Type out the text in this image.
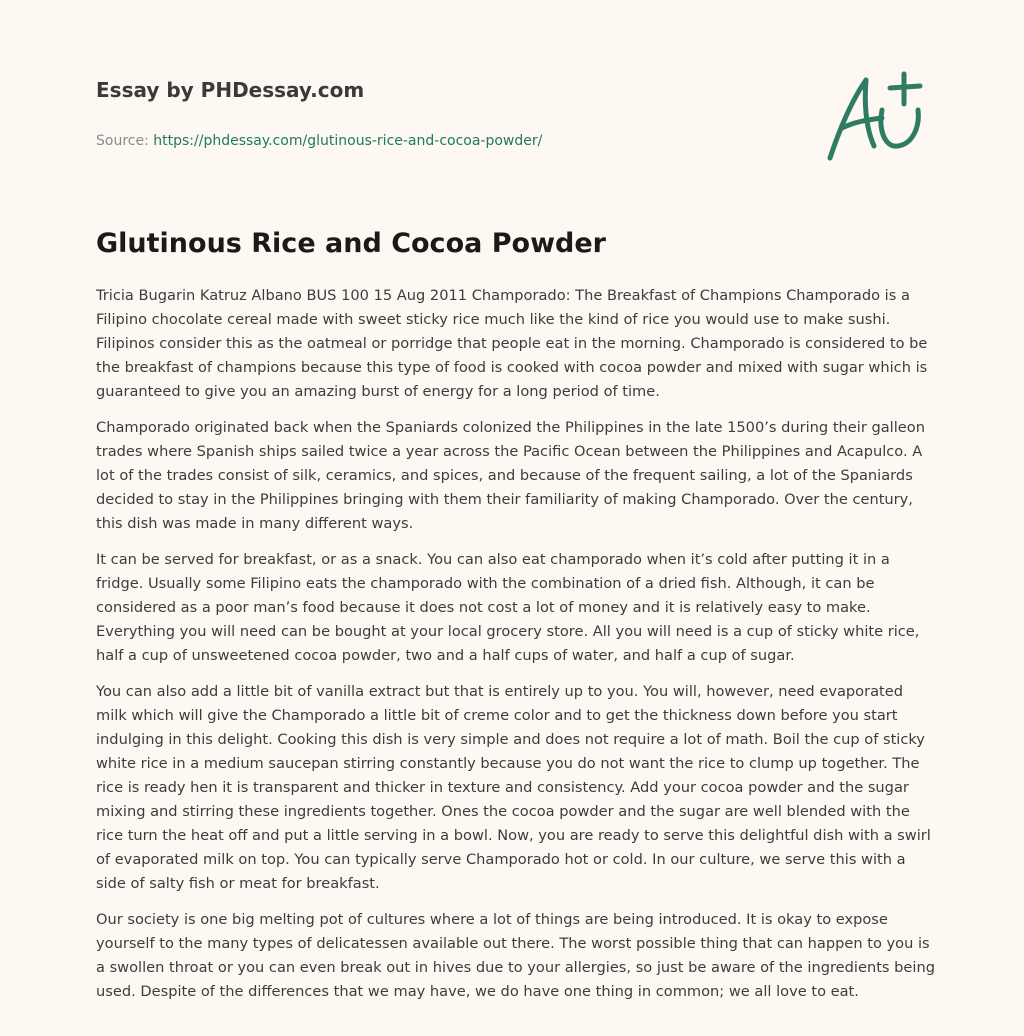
Essay by PHDessay.com
Source: https://phdessay.com/glutinous-rice-and-cocoa-powder/
Glutinous Rice and Cocoa Powder

Tricia Bugarin Katruz Albano BUS 100 15 Aug 2011 Champorado: The Breakfast of Champions Champorado is a Filipino chocolate cereal made with sweet sticky rice much like the kind of rice you would use to make sushi. Filipinos consider this as the oatmeal or porridge that people eat in the morning. Champorado is considered to be the breakfast of champions because this type of food is cooked with cocoa powder and mixed with sugar which is guaranteed to give you an amazing burst of energy for a long period of time.

Champorado originated back when the Spaniards colonized the Philippines in the late 1500’s during their galleon trades where Spanish ships sailed twice a year across the Pacific Ocean between the Philippines and Acapulco. A lot of the trades consist of silk, ceramics, and spices, and because of the frequent sailing, a lot of the Spaniards decided to stay in the Philippines bringing with them their familiarity of making Champorado. Over the century, this dish was made in many different ways.

It can be served for breakfast, or as a snack. You can also eat champorado when it’s cold after putting it in a fridge. Usually some Filipino eats the champorado with the combination of a dried fish. Although, it can be considered as a poor man’s food because it does not cost a lot of money and it is relatively easy to make. Everything you will need can be bought at your local grocery store. All you will need is a cup of sticky white rice, half a cup of unsweetened cocoa powder, two and a half cups of water, and half a cup of sugar.

You can also add a little bit of vanilla extract but that is entirely up to you. You will, however, need evaporated milk which will give the Champorado a little bit of creme color and to get the thickness down before you start indulging in this delight. Cooking this dish is very simple and does not require a lot of math. Boil the cup of sticky white rice in a medium saucepan stirring constantly because you do not want the rice to clump up together. The rice is ready hen it is transparent and thicker in texture and consistency. Add your cocoa powder and the sugar mixing and stirring these ingredients together. Ones the cocoa powder and the sugar are well blended with the rice turn the heat off and put a little serving in a bowl. Now, you are ready to serve this delightful dish with a swirl of evaporated milk on top. You can typically serve Champorado hot or cold. In our culture, we serve this with a side of salty fish or meat for breakfast.

Our society is one big melting pot of cultures where a lot of things are being introduced. It is okay to expose yourself to the many types of delicatessen available out there. The worst possible thing that can happen to you is a swollen throat or you can even break out in hives due to your allergies, so just be aware of the ingredients being used. Despite of the differences that we may have, we do have one thing in common; we all love to eat.
